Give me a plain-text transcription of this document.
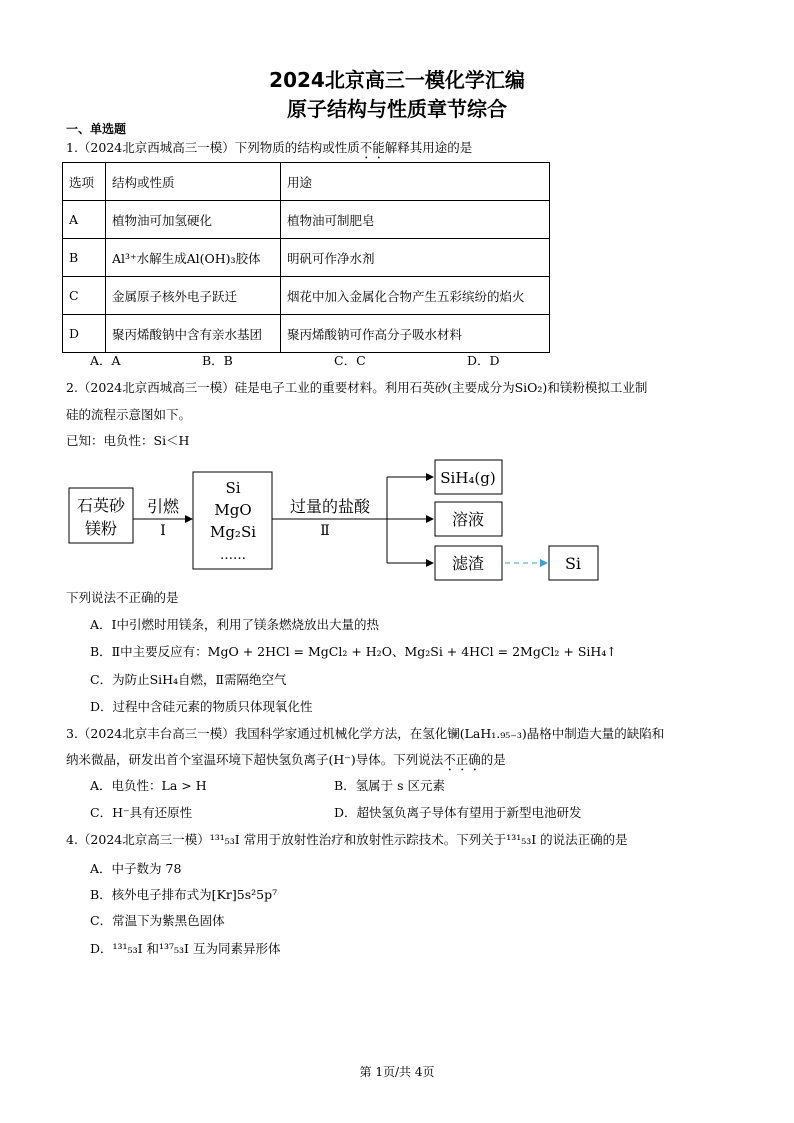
2024北京高三一模化学汇编
原子结构与性质章节综合
一、单选题
1.（2024北京西城高三一模）下列物质的结构或性质不能解释其用途的是
选项	结构或性质	用途
A	植物油可加氢硬化	植物油可制肥皂
B	Al³⁺水解生成Al(OH)₃胶体	明矾可作净水剂
C	金属原子核外电子跃迁	烟花中加入金属化合物产生五彩缤纷的焰火
D	聚丙烯酸钠中含有亲水基团	聚丙烯酸钠可作高分子吸水材料
A．A	B．B	C．C	D．D
2.（2024北京西城高三一模）硅是电子工业的重要材料。利用石英砂(主要成分为SiO₂)和镁粉模拟工业制
硅的流程示意图如下。
已知：电负性：Si＜H
石英砂
镁粉
引燃
Ⅰ
Si
MgO
Mg₂Si
……
过量的盐酸
Ⅱ
SiH₄(g)
溶液
滤渣	Si
下列说法不正确的是
A．Ⅰ中引燃时用镁条，利用了镁条燃烧放出大量的热
B．Ⅱ中主要反应有：MgO + 2HCl = MgCl₂ + H₂O、Mg₂Si + 4HCl = 2MgCl₂ + SiH₄↑
C．为防止SiH₄自燃，Ⅱ需隔绝空气
D．过程中含硅元素的物质只体现氧化性
3.（2024北京丰台高三一模）我国科学家通过机械化学方法，在氢化镧(LaH₁.₉₅₋₃)晶格中制造大量的缺陷和
纳米微晶，研发出首个室温环境下超快氢负离子(H⁻)导体。下列说法不正确的是
A．电负性：La > H	B．氢属于 s 区元素
C．H⁻具有还原性	D．超快氢负离子导体有望用于新型电池研发
4.（2024北京高三一模）¹³¹₅₃I 常用于放射性治疗和放射性示踪技术。下列关于¹³¹₅₃I 的说法正确的是
A．中子数为 78
B．核外电子排布式为[Kr]5s²5p⁷
C．常温下为紫黑色固体
D．¹³¹₅₃I 和¹³⁷₅₃I 互为同素异形体
第 1页/共 4页
